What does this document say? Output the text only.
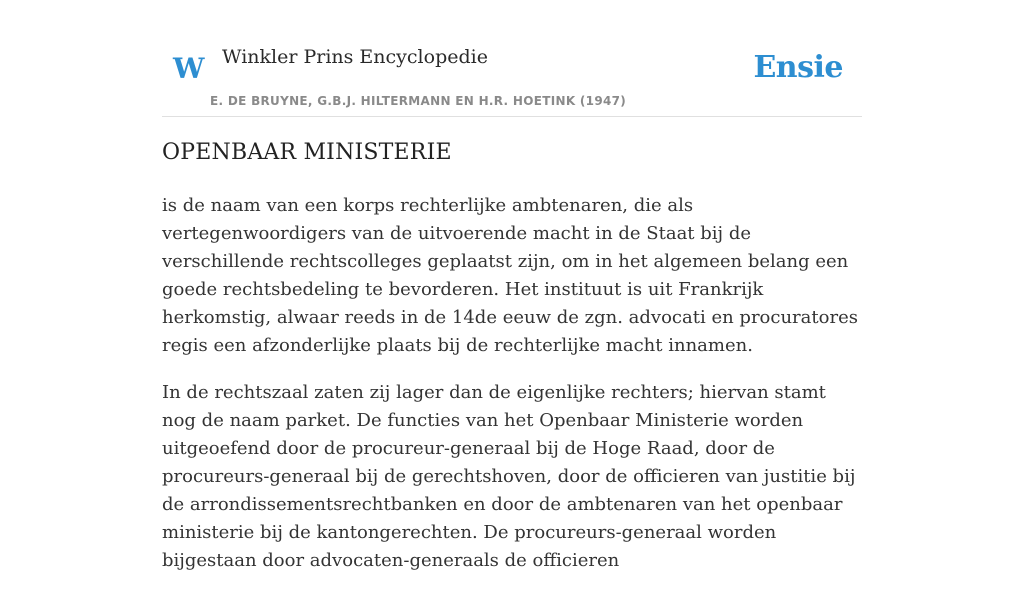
W Winkler Prins Encyclopedie
E. DE BRUYNE, G.B.J. HILTERMANN EN H.R. HOETINK (1947)
Ensie
OPENBAAR MINISTERIE

is de naam van een korps rechterlijke ambtenaren, die als vertegenwoordigers van de uitvoerende macht in de Staat bij de verschillende rechtscolleges geplaatst zijn, om in het algemeen belang een goede rechtsbedeling te bevorderen. Het instituut is uit Frankrijk herkomstig, alwaar reeds in de 14de eeuw de zgn. advocati en procuratores regis een afzonderlijke plaats bij de rechterlijke macht innamen.

In de rechtszaal zaten zij lager dan de eigenlijke rechters; hiervan stamt nog de naam parket. De functies van het Openbaar Ministerie worden uitgeoefend door de procureur-generaal bij de Hoge Raad, door de procureurs-generaal bij de gerechtshoven, door de officieren van justitie bij de arrondissementsrechtbanken en door de ambtenaren van het openbaar ministerie bij de kantongerechten. De procureurs-generaal worden bijgestaan door advocaten-generaals de officieren
